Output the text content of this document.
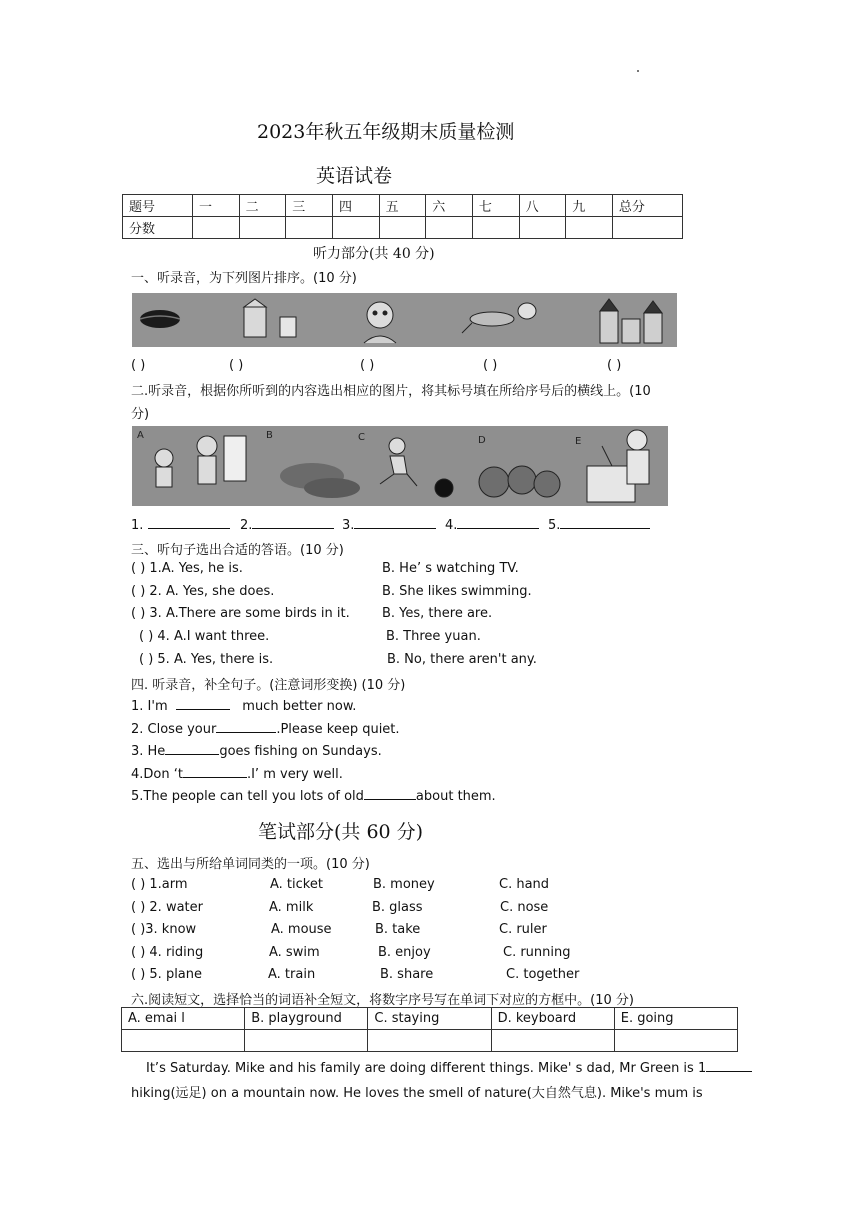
2023年秋五年级期末质量检测
英语试卷
题号	一	二	三	四	五	六	七	八	九	总分
分数										
听力部分(共 40 分)
一、听录音，为下列图片排序。(10 分)
( )	( )	( )	( )	( )
二.听录音，根据你所听到的内容选出相应的图片，将其标号填在所给序号后的横线上。(10
分)
A	B	C	D	E
1.	2.	3.	4.	5.
三、听句子选出合适的答语。(10 分)
( ) 1.A. Yes, he is.	B. He’ s watching TV.
( ) 2. A. Yes, she does.	B. She likes swimming.
( ) 3. A.There are some birds in it. B. Yes, there are.
( ) 4. A.I want three.	B. Three yuan.
( ) 5. A. Yes, there is.	B. No, there aren't any.
四. 听录音，补全句子。(注意词形变换) (10 分)
1. I'm	much better now.
2. Close your	.Please keep quiet.
3. He	goes fishing on Sundays.
4.Don ‘t	.I’ m very well.
5.The people can tell you lots of old	about them.
笔试部分(共 60 分)
五、选出与所给单词同类的一项。(10 分)
( ) 1.arm	A. ticket	B. money	C. hand
( ) 2. water	A. milk	B. glass	C. nose
( )3. know	A. mouse	B. take	C. ruler
( ) 4. riding	A. swim	B. enjoy	C. running
( ) 5. plane	A. train	B. share	C. together
六.阅读短文，选择恰当的词语补全短文，将数字序号写在单词下对应的方框中。(10 分)
A. emai l	B. playground	C. staying	D. keyboard	E. going

It’s Saturday. Mike and his family are doing different things. Mike' s dad, Mr Green is 1
hiking(远足) on a mountain now. He loves the smell of nature(大自然气息). Mike's mum is
